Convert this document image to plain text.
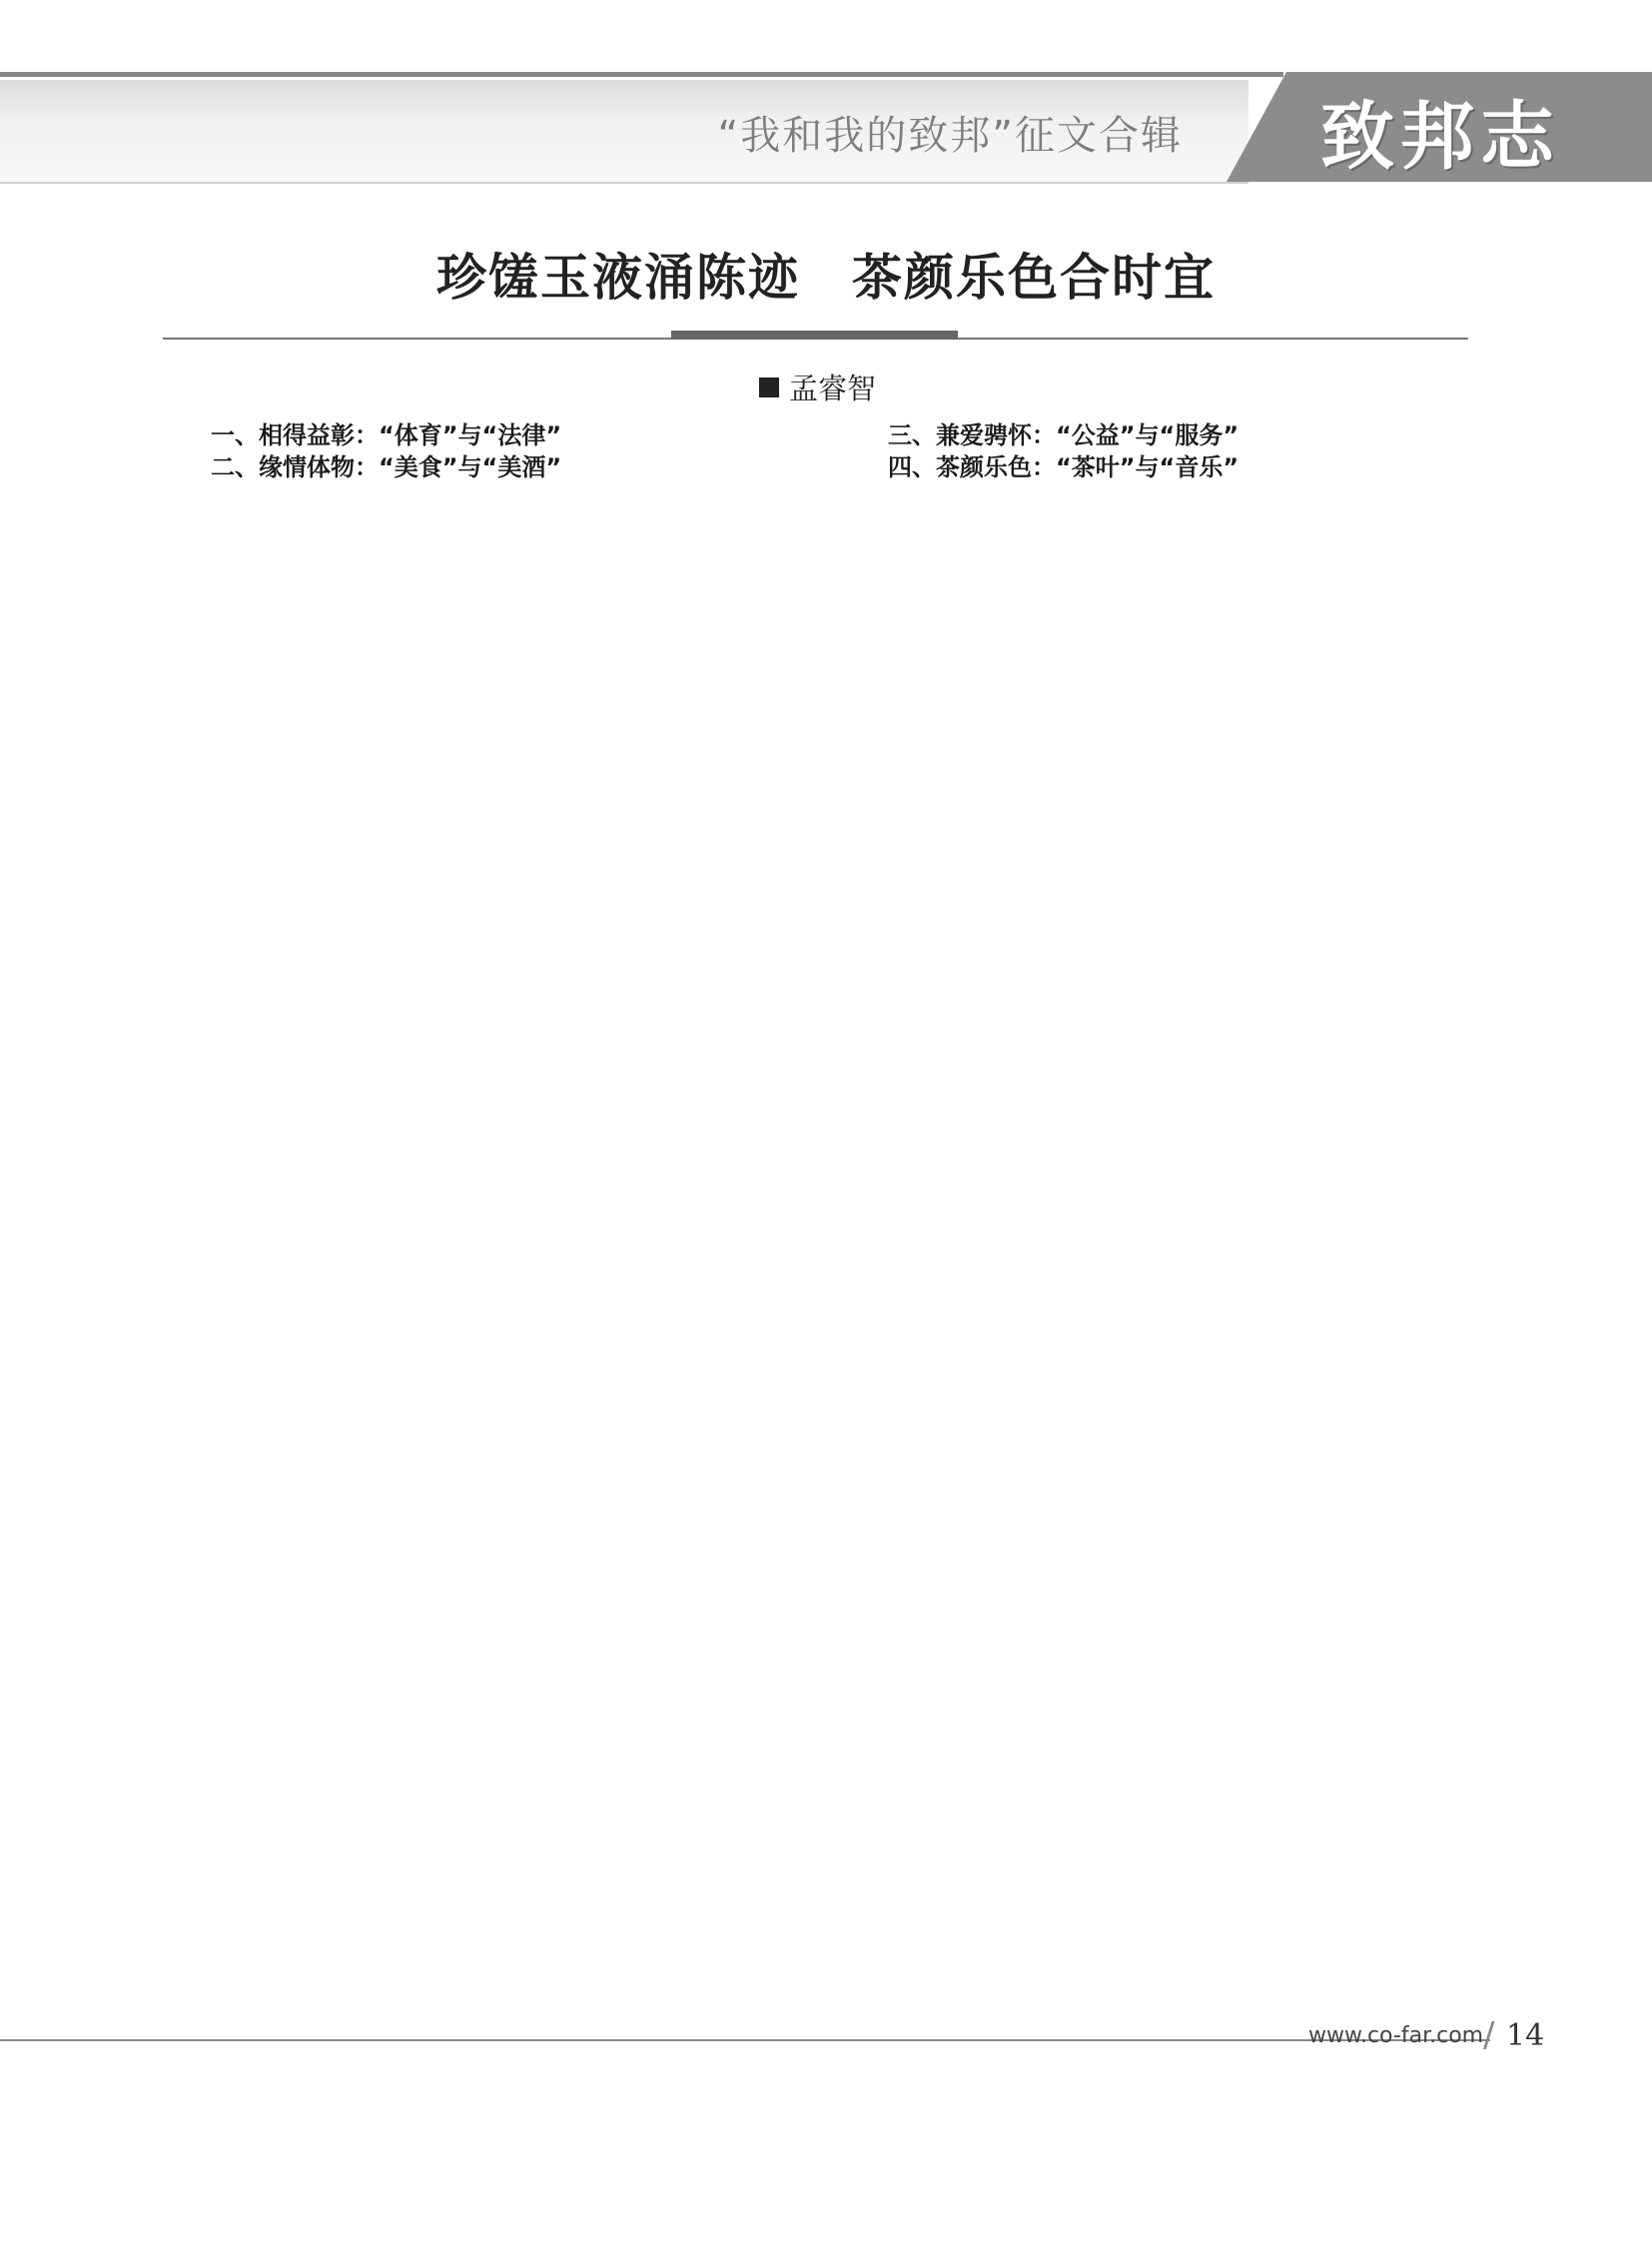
“我和我的致邦”征文合辑 致邦志
珍馐玉液涌陈迹　茶颜乐色合时宜
孟睿智

一、相得益彰：“体育”与“法律”

二、缘情体物：“美食”与“美酒”

三、兼爱骋怀：“公益”与“服务”

四、茶颜乐色：“茶叶”与“音乐”

www.co-far.com / 14
